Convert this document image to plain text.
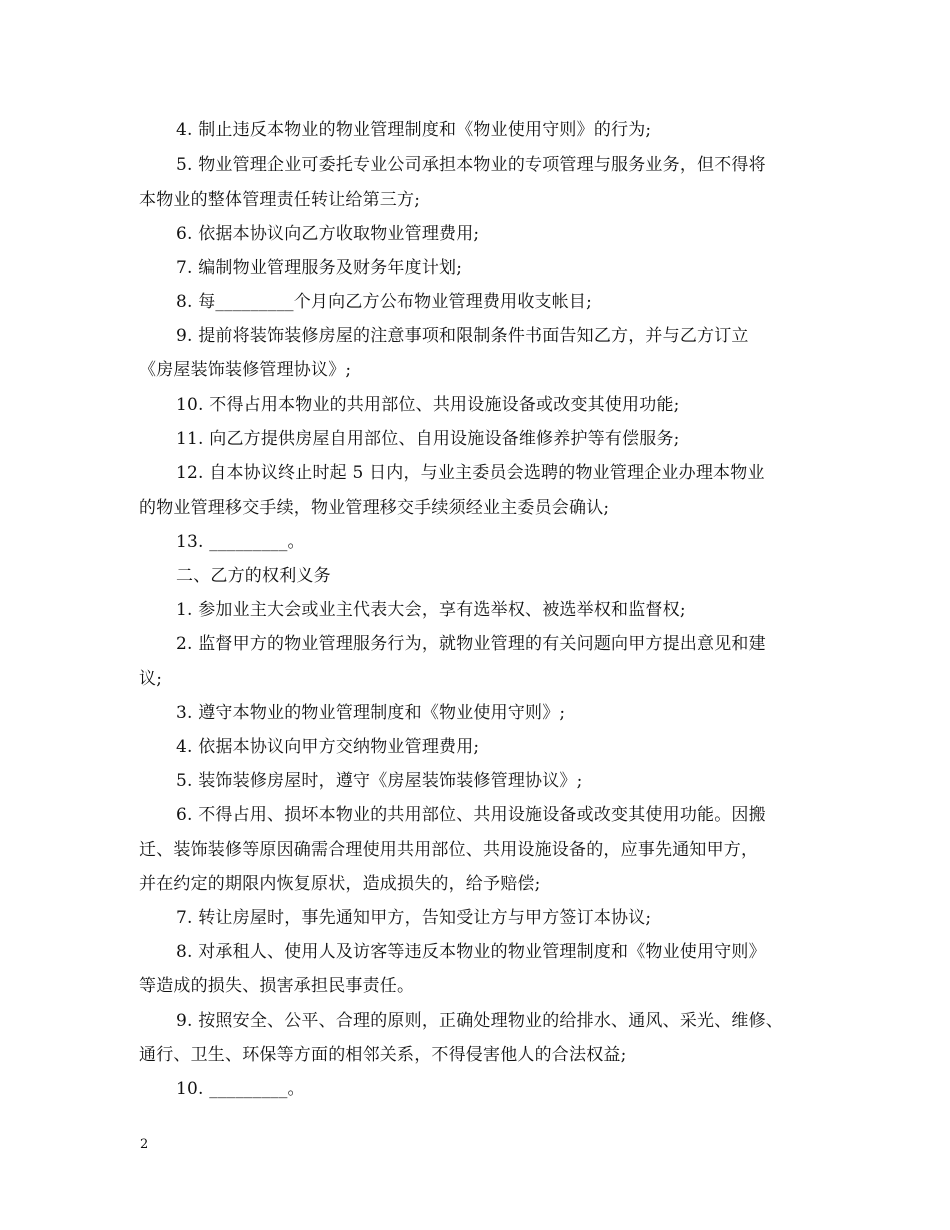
4. 制止违反本物业的物业管理制度和《物业使用守则》的行为;
5. 物业管理企业可委托专业公司承担本物业的专项管理与服务业务，但不得将
本物业的整体管理责任转让给第三方;
6. 依据本协议向乙方收取物业管理费用;
7. 编制物业管理服务及财务年度计划;
8. 每_________个月向乙方公布物业管理费用收支帐目;
9. 提前将装饰装修房屋的注意事项和限制条件书面告知乙方，并与乙方订立
《房屋装饰装修管理协议》;
10. 不得占用本物业的共用部位、共用设施设备或改变其使用功能;
11. 向乙方提供房屋自用部位、自用设施设备维修养护等有偿服务;
12. 自本协议终止时起 5 日内，与业主委员会选聘的物业管理企业办理本物业
的物业管理移交手续，物业管理移交手续须经业主委员会确认;
13. _________。
二、乙方的权利义务
1. 参加业主大会或业主代表大会，享有选举权、被选举权和监督权;
2. 监督甲方的物业管理服务行为，就物业管理的有关问题向甲方提出意见和建
议;
3. 遵守本物业的物业管理制度和《物业使用守则》;
4. 依据本协议向甲方交纳物业管理费用;
5. 装饰装修房屋时，遵守《房屋装饰装修管理协议》;
6. 不得占用、损坏本物业的共用部位、共用设施设备或改变其使用功能。因搬
迁、装饰装修等原因确需合理使用共用部位、共用设施设备的，应事先通知甲方，
并在约定的期限内恢复原状，造成损失的，给予赔偿;
7. 转让房屋时，事先通知甲方，告知受让方与甲方签订本协议;
8. 对承租人、使用人及访客等违反本物业的物业管理制度和《物业使用守则》
等造成的损失、损害承担民事责任。
9. 按照安全、公平、合理的原则，正确处理物业的给排水、通风、采光、维修、
通行、卫生、环保等方面的相邻关系，不得侵害他人的合法权益;
10. _________。
2
